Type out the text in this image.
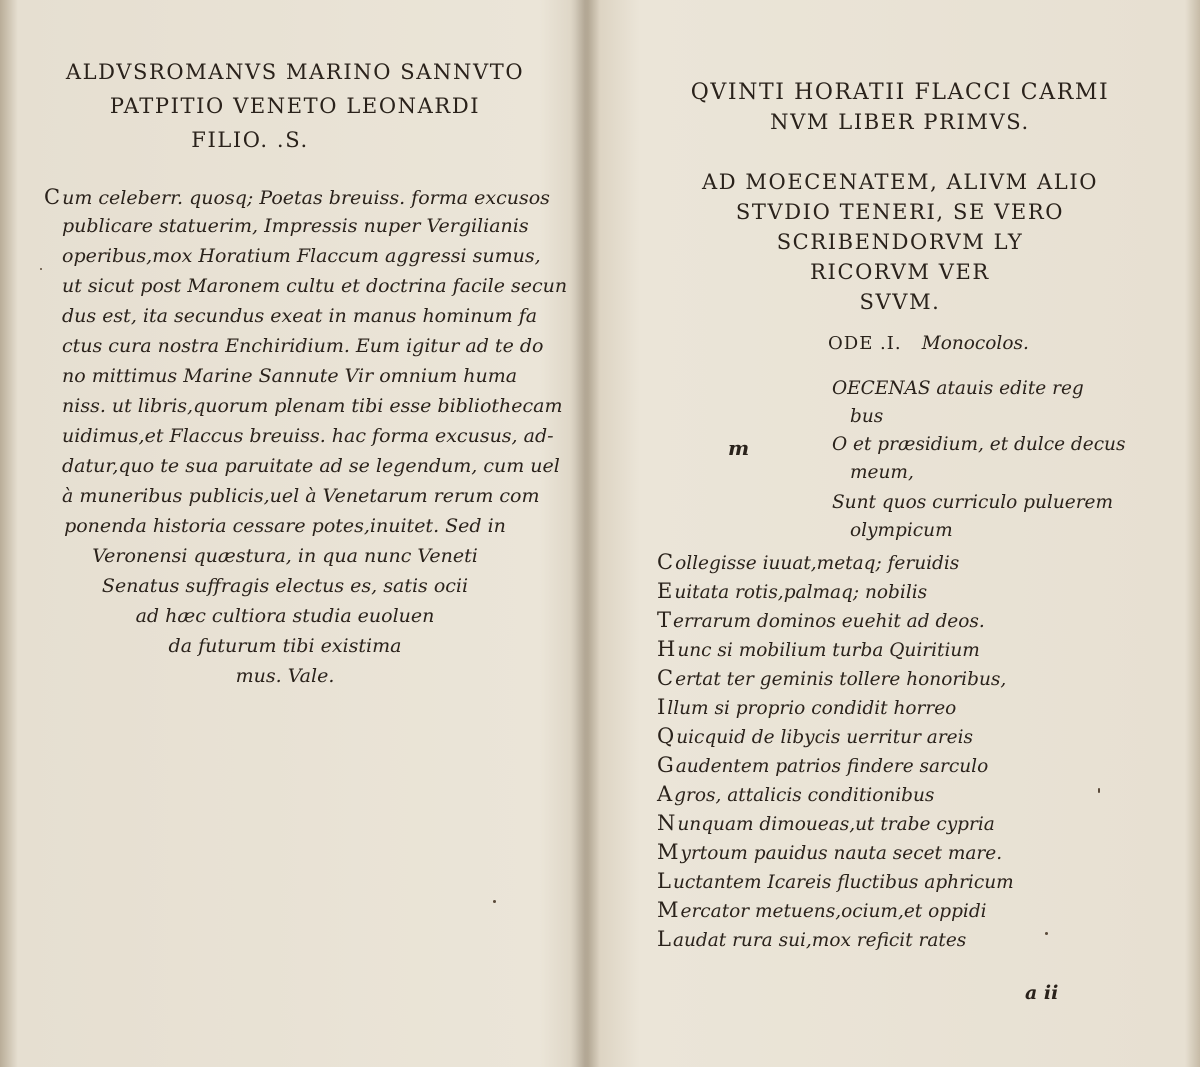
ALDVSROMANVS MARINO SANNVTO
PATPITIO VENETO LEONARDI
FILIO. .S.
C um celeberr. quosq; Poetas breuiss. forma excusos
publicare statuerim, Impressis nuper Vergilianis
operibus,mox Horatium Flaccum aggressi sumus,
ut sicut post Maronem cultu et doctrina facile secun
dus est, ita secundus exeat in manus hominum fa
ctus cura nostra Enchiridium. Eum igitur ad te do
no mittimus Marine Sannute Vir omnium huma
niss. ut libris,quorum plenam tibi esse bibliothecam
uidimus,et Flaccus breuiss. hac forma excusus, ad-
datur,quo te sua paruitate ad se legendum, cum uel
à muneribus publicis,uel à Venetarum rerum com
ponenda historia cessare potes,inuitet. Sed in
Veronensi quæstura, in qua nunc Veneti
Senatus suffragis electus es, satis ocii
ad hæc cultiora studia euoluen
da futurum tibi existima
mus. Vale.
QVINTI HORATII FLACCI CARMI
NVM LIBER PRIMVS.
AD MOECENATEM, ALIVM ALIO
STVDIO TENERI, SE VERO
SCRIBENDORVM LY
RICORVM VER
SVVM.
ODE .I. Monocolos.
m
OECENAS atauis edite reg
bus
O et præsidium, et dulce decus
meum,
Sunt quos curriculo puluerem
olympicum
C ollegisse iuuat,metaq; feruidis
E uitata rotis,palmaq; nobilis
T errarum dominos euehit ad deos.
H unc si mobilium turba Quiritium
C ertat ter geminis tollere honoribus,
I llum si proprio condidit horreo
Q uicquid de libycis uerritur areis
G audentem patrios findere sarculo
A gros, attalicis conditionibus
N unquam dimoueas,ut trabe cypria
M yrtoum pauidus nauta secet mare.
L uctantem Icareis fluctibus aphricum
M ercator metuens,ocium,et oppidi
L audat rura sui,mox reficit rates
a ii
